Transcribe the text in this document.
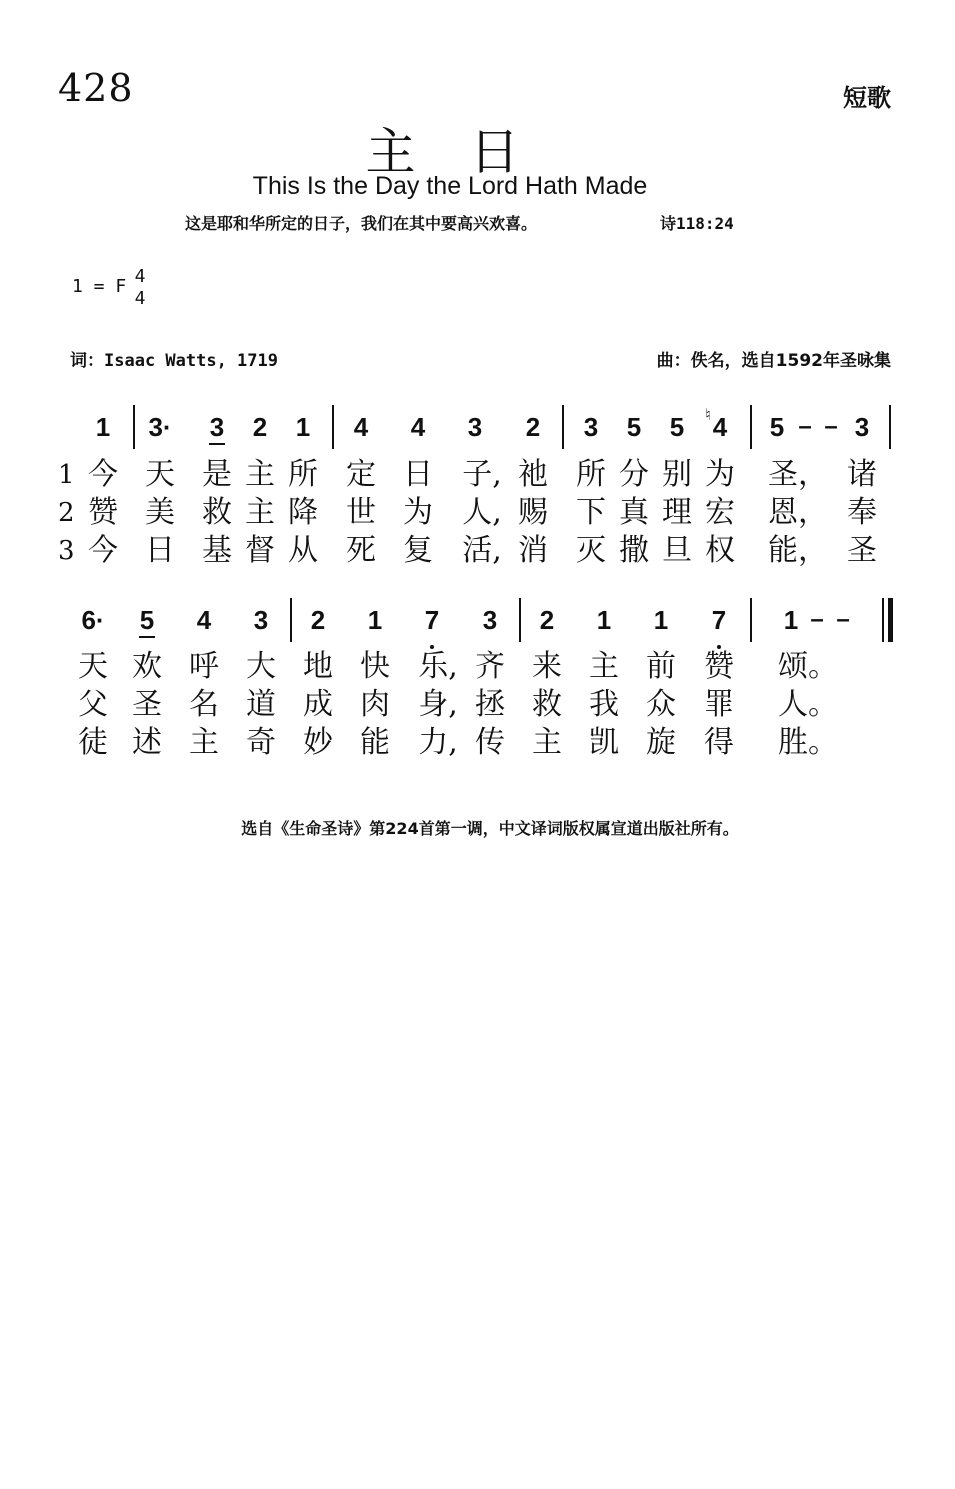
428	短歌
主日
This Is the Day the Lord Hath Made
这是耶和华所定的日子，我们在其中要高兴欢喜。	诗118:24
1 = F 4
4
词：Isaac Watts, 1719	曲：佚名，选自1592年圣咏集
1 3· 3 2 1 4 4 3 2 3 5 5	♮ 4 5 – – 3
1 今 天 是 主 所 定 日 子, 祂 所 分 别 为 圣， 诸
2 赞 美 救 主 降 世 为 人, 赐 下 真 理 宏 恩， 奉
3 今 日 基 督 从 死 复 活, 消 灭 撒 旦 权 能， 圣
6· 5 4 3 2 1 7 3 2 1 1 7 1 – –
天 欢 呼 大 地 快 乐, 齐 来 主 前 赞 颂。
父 圣 名 道 成 肉 身, 拯 救 我 众 罪 人。
徒 述 主 奇 妙 能 力, 传 主 凯 旋 得 胜。
选自《生命圣诗》第224首第一调，中文译词版权属宣道出版社所有。
